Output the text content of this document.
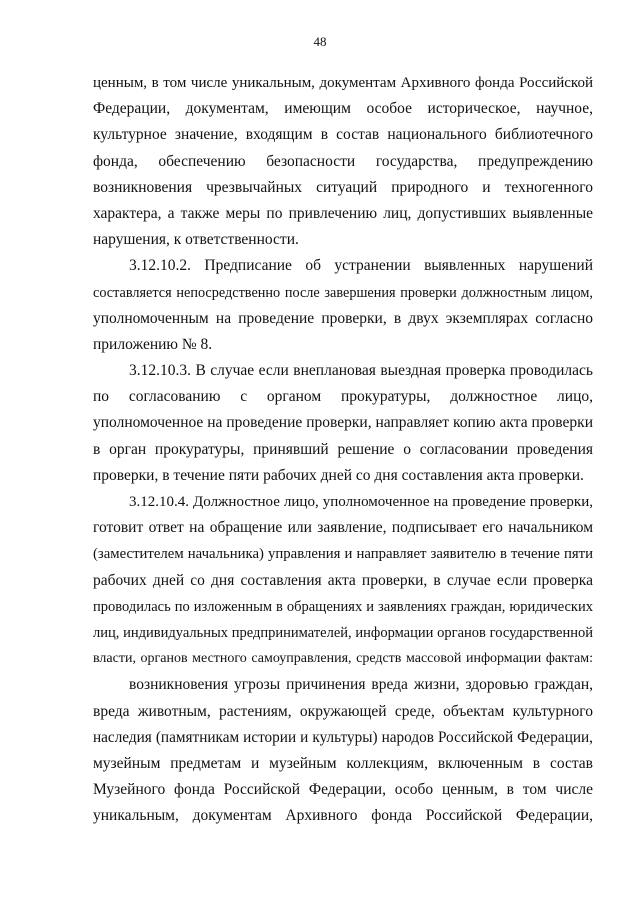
48
ценным, в том числе уникальным, документам Архивного фонда Российской
Федерации, документам, имеющим особое историческое, научное,
культурное значение, входящим в состав национального библиотечного
фонда, обеспечению безопасности государства, предупреждению
возникновения чрезвычайных ситуаций природного и техногенного
характера, а также меры по привлечению лиц, допустивших выявленные
нарушения, к ответственности.
3.12.10.2. Предписание об устранении выявленных нарушений
составляется непосредственно после завершения проверки должностным лицом,
уполномоченным на проведение проверки, в двух экземплярах согласно
приложению № 8.
3.12.10.3. В случае если внеплановая выездная проверка проводилась
по согласованию с органом прокуратуры, должностное лицо,
уполномоченное на проведение проверки, направляет копию акта проверки
в орган прокуратуры, принявший решение о согласовании проведения
проверки, в течение пяти рабочих дней со дня составления акта проверки.
3.12.10.4. Должностное лицо, уполномоченное на проведение проверки,
готовит ответ на обращение или заявление, подписывает его начальником
(заместителем начальника) управления и направляет заявителю в течение пяти
рабочих дней со дня составления акта проверки, в случае если проверка
проводилась по изложенным в обращениях и заявлениях граждан, юридических
лиц, индивидуальных предпринимателей, информации органов государственной
власти, органов местного самоуправления, средств массовой информации фактам:
возникновения угрозы причинения вреда жизни, здоровью граждан,
вреда животным, растениям, окружающей среде, объектам культурного
наследия (памятникам истории и культуры) народов Российской Федерации,
музейным предметам и музейным коллекциям, включенным в состав
Музейного фонда Российской Федерации, особо ценным, в том числе
уникальным, документам Архивного фонда Российской Федерации,
